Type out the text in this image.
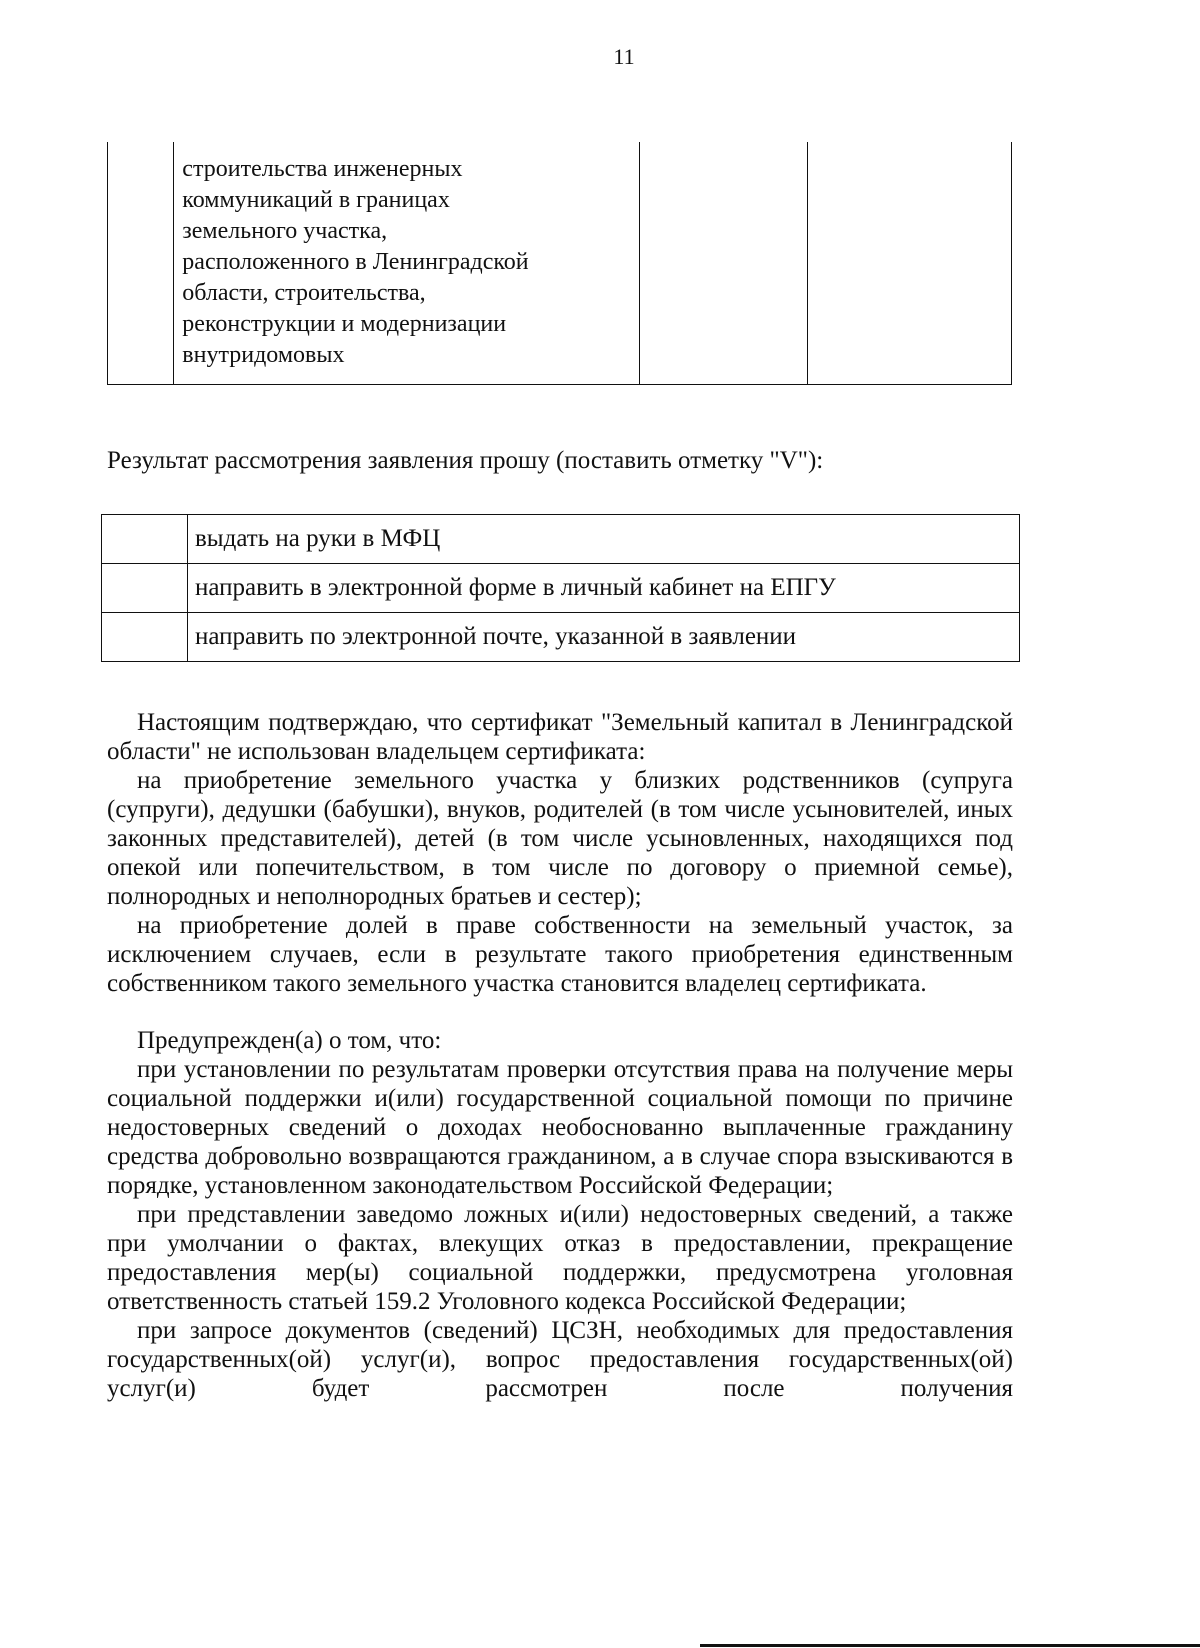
11

строительства инженерных
коммуникаций в границах
земельного участка,
расположенного в Ленинградской
области, строительства,
реконструкции и модернизации
внутридомовых

Результат рассмотрения заявления прошу (поставить отметку "V"):
	выдать на руки в МФЦ
	направить в электронной форме в личный кабинет на ЕПГУ
	направить по электронной почте, указанной в заявлении

Настоящим подтверждаю, что сертификат "Земельный капитал в Ленинградской области" не использован владельцем сертификата:

на приобретение земельного участка у близких родственников (супруга (супруги), дедушки (бабушки), внуков, родителей (в том числе усыновителей, иных законных представителей), детей (в том числе усыновленных, находящихся под опекой или попечительством, в том числе по договору о приемной семье), полнородных и неполнородных братьев и сестер);

на приобретение долей в праве собственности на земельный участок, за исключением случаев, если в результате такого приобретения единственным собственником такого земельного участка становится владелец сертификата.

Предупрежден(а) о том, что:

при установлении по результатам проверки отсутствия права на получение меры социальной поддержки и(или) государственной социальной помощи по причине недостоверных сведений о доходах необоснованно выплаченные гражданину средства добровольно возвращаются гражданином, а в случае спора взыскиваются в порядке, установленном законодательством Российской Федерации;

при представлении заведомо ложных и(или) недостоверных сведений, а также при умолчании о фактах, влекущих отказ в предоставлении, прекращение предоставления мер(ы) социальной поддержки, предусмотрена уголовная ответственность статьей 159.2 Уголовного кодекса Российской Федерации;

при запросе документов (сведений) ЦСЗН, необходимых для предоставления государственных(ой) услуг(и), вопрос предоставления государственных(ой) услуг(и) будет рассмотрен после получения
